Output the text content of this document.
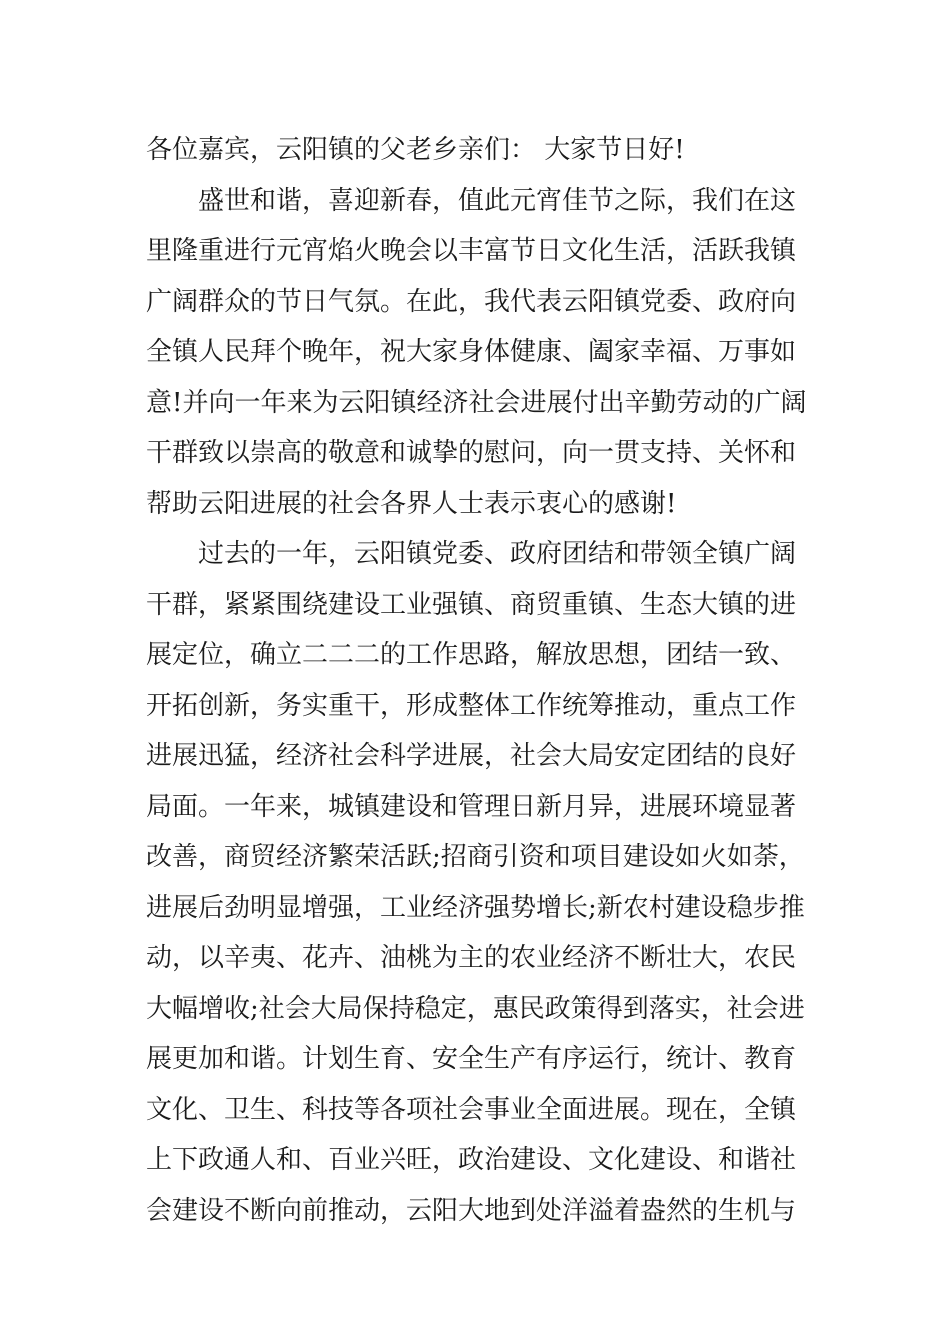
各位嘉宾，云阳镇的父老乡亲们： 大家节日好!
盛世和谐，喜迎新春，值此元宵佳节之际，我们在这
里隆重进行元宵焰火晚会以丰富节日文化生活，活跃我镇
广阔群众的节日气氛。在此，我代表云阳镇党委、政府向
全镇人民拜个晚年，祝大家身体健康、阖家幸福、万事如
意!并向一年来为云阳镇经济社会进展付出辛勤劳动的广阔
干群致以崇高的敬意和诚挚的慰问，向一贯支持、关怀和
帮助云阳进展的社会各界人士表示衷心的感谢!
过去的一年，云阳镇党委、政府团结和带领全镇广阔
干群，紧紧围绕建设工业强镇、商贸重镇、生态大镇的进
展定位，确立二二二的工作思路，解放思想，团结一致、
开拓创新，务实重干，形成整体工作统筹推动，重点工作
进展迅猛，经济社会科学进展，社会大局安定团结的良好
局面。一年来，城镇建设和管理日新月异，进展环境显著
改善，商贸经济繁荣活跃;招商引资和项目建设如火如荼，
进展后劲明显增强，工业经济强势增长;新农村建设稳步推
动，以辛夷、花卉、油桃为主的农业经济不断壮大，农民
大幅增收;社会大局保持稳定，惠民政策得到落实，社会进
展更加和谐。计划生育、安全生产有序运行，统计、教育
文化、卫生、科技等各项社会事业全面进展。现在，全镇
上下政通人和、百业兴旺，政治建设、文化建设、和谐社
会建设不断向前推动，云阳大地到处洋溢着盎然的生机与
